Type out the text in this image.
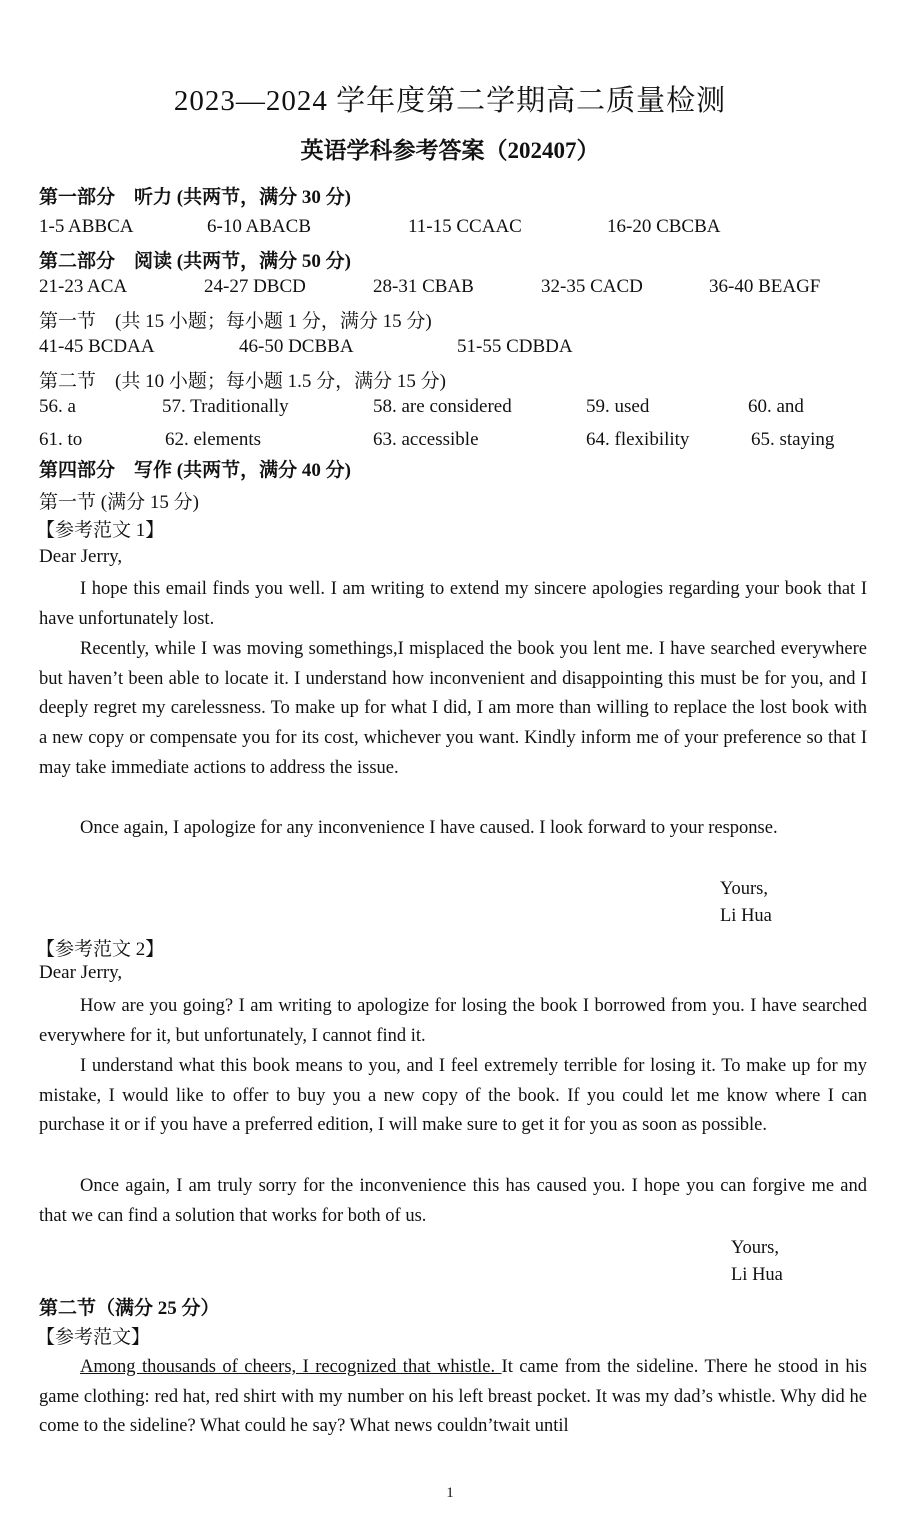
2023—2024 学年度第二学期高二质量检测
英语学科参考答案（202407）
第一部分　听力 (共两节，满分 30 分)
1-5 ABBCA	6-10 ABACB	11-15 CCAAC	16-20 CBCBA
第二部分　阅读 (共两节，满分 50 分)
21-23 ACA	24-27 DBCD	28-31 CBAB	32-35 CACD	36-40 BEAGF
第一节　(共 15 小题；每小题 1 分，满分 15 分)
41-45 BCDAA	46-50 DCBBA	51-55 CDBDA
第二节　(共 10 小题；每小题 1.5 分，满分 15 分)
56. a	57. Traditionally	58. are considered	59. used	60. and
61. to	62. elements	63. accessible	64. flexibility	65. staying
第四部分　写作 (共两节，满分 40 分)
第一节 (满分 15 分)
【参考范文 1】
Dear Jerry,
I hope this email finds you well. I am writing to extend my sincere apologies regarding your book that I have unfortunately lost.
Recently, while I was moving somethings,I misplaced the book you lent me. I have searched everywhere but haven’t been able to locate it. I understand how inconvenient and disappointing this must be for you, and I deeply regret my carelessness. To make up for what I did, I am more than willing to replace the lost book with a new copy or compensate you for its cost, whichever you want. Kindly inform me of your preference so that I may take immediate actions to address the issue.
Once again, I apologize for any inconvenience I have caused. I look forward to your response.
Yours,
Li Hua
【参考范文 2】
Dear Jerry,
How are you going? I am writing to apologize for losing the book I borrowed from you. I have searched everywhere for it, but unfortunately, I cannot find it.
I understand what this book means to you, and I feel extremely terrible for losing it. To make up for my mistake, I would like to offer to buy you a new copy of the book. If you could let me know where I can purchase it or if you have a preferred edition, I will make sure to get it for you as soon as possible.
Once again, I am truly sorry for the inconvenience this has caused you. I hope you can forgive me and that we can find a solution that works for both of us.
Yours,
Li Hua
第二节（满分 25 分）
【参考范文】
Among thousands of cheers, I recognized that whistle. It came from the sideline. There he stood in his game clothing: red hat, red shirt with my number on his left breast pocket. It was my dad’s whistle. Why did he come to the sideline? What could he say? What news couldn’twait until
1
